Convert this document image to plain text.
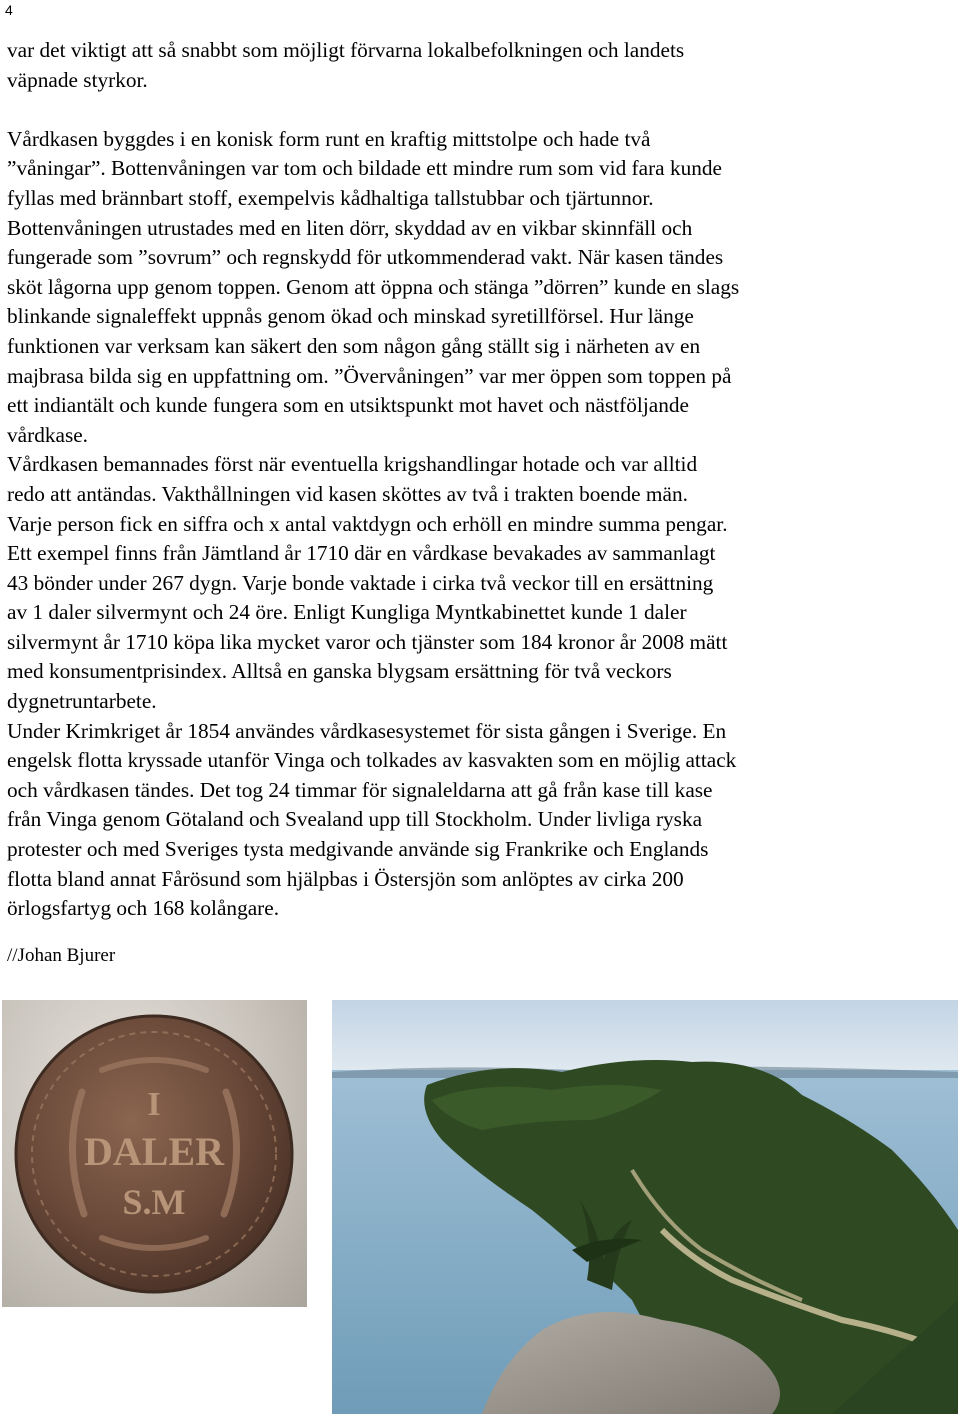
4

var det viktigt att så snabbt som möjligt förvarna lokalbefolkningen och landets
väpnade styrkor.

Vårdkasen byggdes i en konisk form runt en kraftig mittstolpe och hade två
”våningar”. Bottenvåningen var tom och bildade ett mindre rum som vid fara kunde
fyllas med brännbart stoff, exempelvis kådhaltiga tallstubbar och tjärtunnor.
Bottenvåningen utrustades med en liten dörr, skyddad av en vikbar skinnfäll och
fungerade som ”sovrum” och regnskydd för utkommenderad vakt. När kasen tändes
sköt lågorna upp genom toppen. Genom att öppna och stänga ”dörren” kunde en slags
blinkande signaleffekt uppnås genom ökad och minskad syretillförsel. Hur länge
funktionen var verksam kan säkert den som någon gång ställt sig i närheten av en
majbrasa bilda sig en uppfattning om. ”Övervåningen” var mer öppen som toppen på
ett indiantält och kunde fungera som en utsiktspunkt mot havet och nästföljande
vårdkase.

Vårdkasen bemannades först när eventuella krigshandlingar hotade och var alltid
redo att antändas. Vakthållningen vid kasen sköttes av två i trakten boende män.
Varje person fick en siffra och x antal vaktdygn och erhöll en mindre summa pengar.
Ett exempel finns från Jämtland år 1710 där en vårdkase bevakades av sammanlagt
43 bönder under 267 dygn. Varje bonde vaktade i cirka två veckor till en ersättning
av 1 daler silvermynt och 24 öre. Enligt Kungliga Myntkabinettet kunde 1 daler
silvermynt år 1710 köpa lika mycket varor och tjänster som 184 kronor år 2008 mätt
med konsumentprisindex. Alltså en ganska blygsam ersättning för två veckors
dygnetruntarbete.

Under Krimkriget år 1854 användes vårdkasesystemet för sista gången i Sverige. En
engelsk flotta kryssade utanför Vinga och tolkades av kasvakten som en möjlig attack
och vårdkasen tändes. Det tog 24 timmar för signaleldarna att gå från kase till kase
från Vinga genom Götaland och Svealand upp till Stockholm. Under livliga ryska
protester och med Sveriges tysta medgivande använde sig Frankrike och Englands
flotta bland annat Fårösund som hjälpbas i Östersjön som anlöptes av cirka 200
örlogsfartyg och 168 kolångare.

//Johan Bjurer
I
DALER
S.M
